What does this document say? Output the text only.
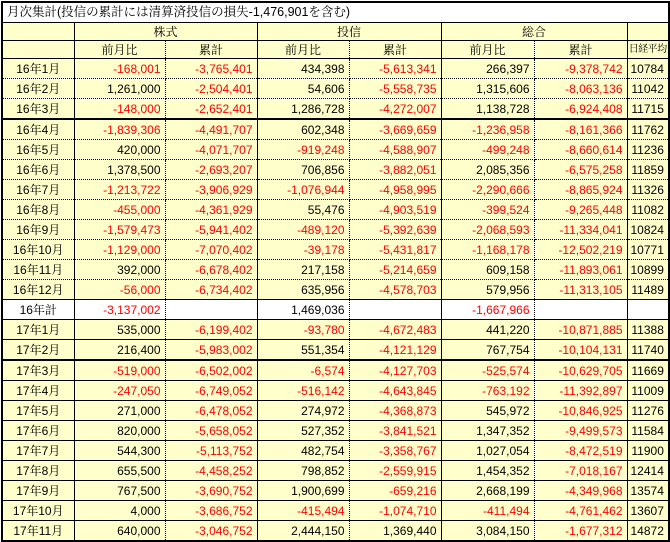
月次集計(投信の累計には清算済投信の損失-1,476,901を含む)							
	株式		投信		総合		
	前月比	累計	前月比	累計	前月比	累計	日経平均
16年1月	-168,001	-3,765,401	434,398	-5,613,341	266,397	-9,378,742	10784
16年2月	1,261,000	-2,504,401	54,606	-5,558,735	1,315,606	-8,063,136	11042
16年3月	-148,000	-2,652,401	1,286,728	-4,272,007	1,138,728	-6,924,408	11715
16年4月	-1,839,306	-4,491,707	602,348	-3,669,659	-1,236,958	-8,161,366	11762
16年5月	420,000	-4,071,707	-919,248	-4,588,907	-499,248	-8,660,614	11236
16年6月	1,378,500	-2,693,207	706,856	-3,882,051	2,085,356	-6,575,258	11859
16年7月	-1,213,722	-3,906,929	-1,076,944	-4,958,995	-2,290,666	-8,865,924	11326
16年8月	-455,000	-4,361,929	55,476	-4,903,519	-399,524	-9,265,448	11082
16年9月	-1,579,473	-5,941,402	-489,120	-5,392,639	-2,068,593	-11,334,041	10824
16年10月	-1,129,000	-7,070,402	-39,178	-5,431,817	-1,168,178	-12,502,219	10771
16年11月	392,000	-6,678,402	217,158	-5,214,659	609,158	-11,893,061	10899
16年12月	-56,000	-6,734,402	635,956	-4,578,703	579,956	-11,313,105	11489
16年計	-3,137,002		1,469,036		-1,667,966		
17年1月	535,000	-6,199,402	-93,780	-4,672,483	441,220	-10,871,885	11388
17年2月	216,400	-5,983,002	551,354	-4,121,129	767,754	-10,104,131	11740
17年3月	-519,000	-6,502,002	-6,574	-4,127,703	-525,574	-10,629,705	11669
17年4月	-247,050	-6,749,052	-516,142	-4,643,845	-763,192	-11,392,897	11009
17年5月	271,000	-6,478,052	274,972	-4,368,873	545,972	-10,846,925	11276
17年6月	820,000	-5,658,052	527,352	-3,841,521	1,347,352	-9,499,573	11584
17年7月	544,300	-5,113,752	482,754	-3,358,767	1,027,054	-8,472,519	11900
17年8月	655,500	-4,458,252	798,852	-2,559,915	1,454,352	-7,018,167	12414
17年9月	767,500	-3,690,752	1,900,699	-659,216	2,668,199	-4,349,968	13574
17年10月	4,000	-3,686,752	-415,494	-1,074,710	-411,494	-4,761,462	13607
17年11月	640,000	-3,046,752	2,444,150	1,369,440	3,084,150	-1,677,312	14872
